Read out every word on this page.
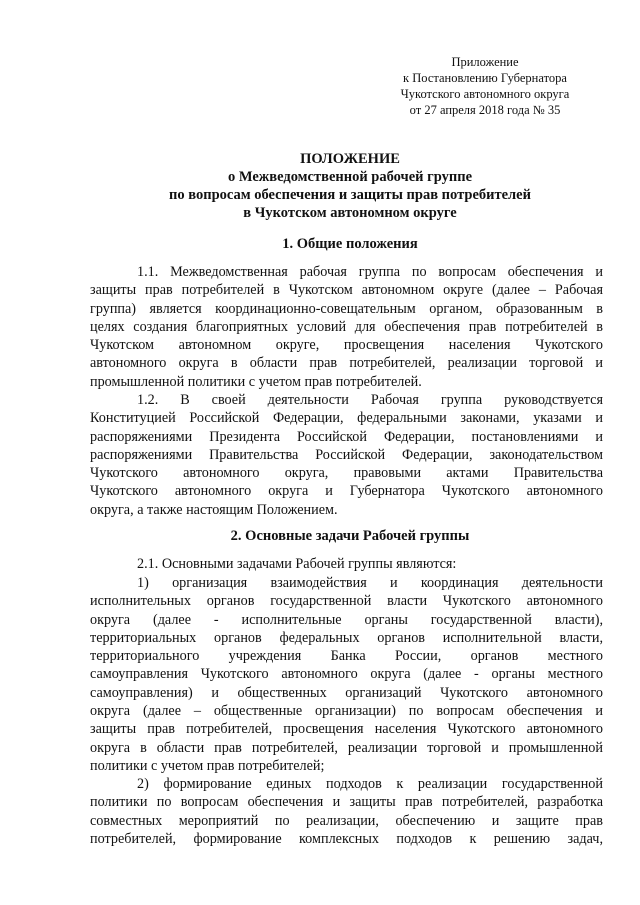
Приложение
к Постановлению Губернатора
Чукотского автономного округа
от 27 апреля 2018 года № 35
ПОЛОЖЕНИЕ
о Межведомственной рабочей группе
по вопросам обеспечения и защиты прав потребителей
в Чукотском автономном округе
1. Общие положения
1.1. Межведомственная рабочая группа по вопросам обеспечения и
защиты прав потребителей в Чукотском автономном округе (далее – Рабочая
группа) является координационно-совещательным органом, образованным в
целях создания благоприятных условий для обеспечения прав потребителей в
Чукотском автономном округе, просвещения населения Чукотского
автономного округа в области прав потребителей, реализации торговой и
промышленной политики с учетом прав потребителей.
1.2. В своей деятельности Рабочая группа руководствуется
Конституцией Российской Федерации, федеральными законами, указами и
распоряжениями Президента Российской Федерации, постановлениями и
распоряжениями Правительства Российской Федерации, законодательством
Чукотского автономного округа, правовыми актами Правительства
Чукотского автономного округа и Губернатора Чукотского автономного
округа, а также настоящим Положением.
2. Основные задачи Рабочей группы
2.1. Основными задачами Рабочей группы являются:
1) организация взаимодействия и координация деятельности
исполнительных органов государственной власти Чукотского автономного
округа (далее - исполнительные органы государственной власти),
территориальных органов федеральных органов исполнительной власти,
территориального учреждения Банка России, органов местного
самоуправления Чукотского автономного округа (далее - органы местного
самоуправления) и общественных организаций Чукотского автономного
округа (далее – общественные организации) по вопросам обеспечения и
защиты прав потребителей, просвещения населения Чукотского автономного
округа в области прав потребителей, реализации торговой и промышленной
политики с учетом прав потребителей;
2) формирование единых подходов к реализации государственной
политики по вопросам обеспечения и защиты прав потребителей, разработка
совместных мероприятий по реализации, обеспечению и защите прав
потребителей, формирование комплексных подходов к решению задач,
